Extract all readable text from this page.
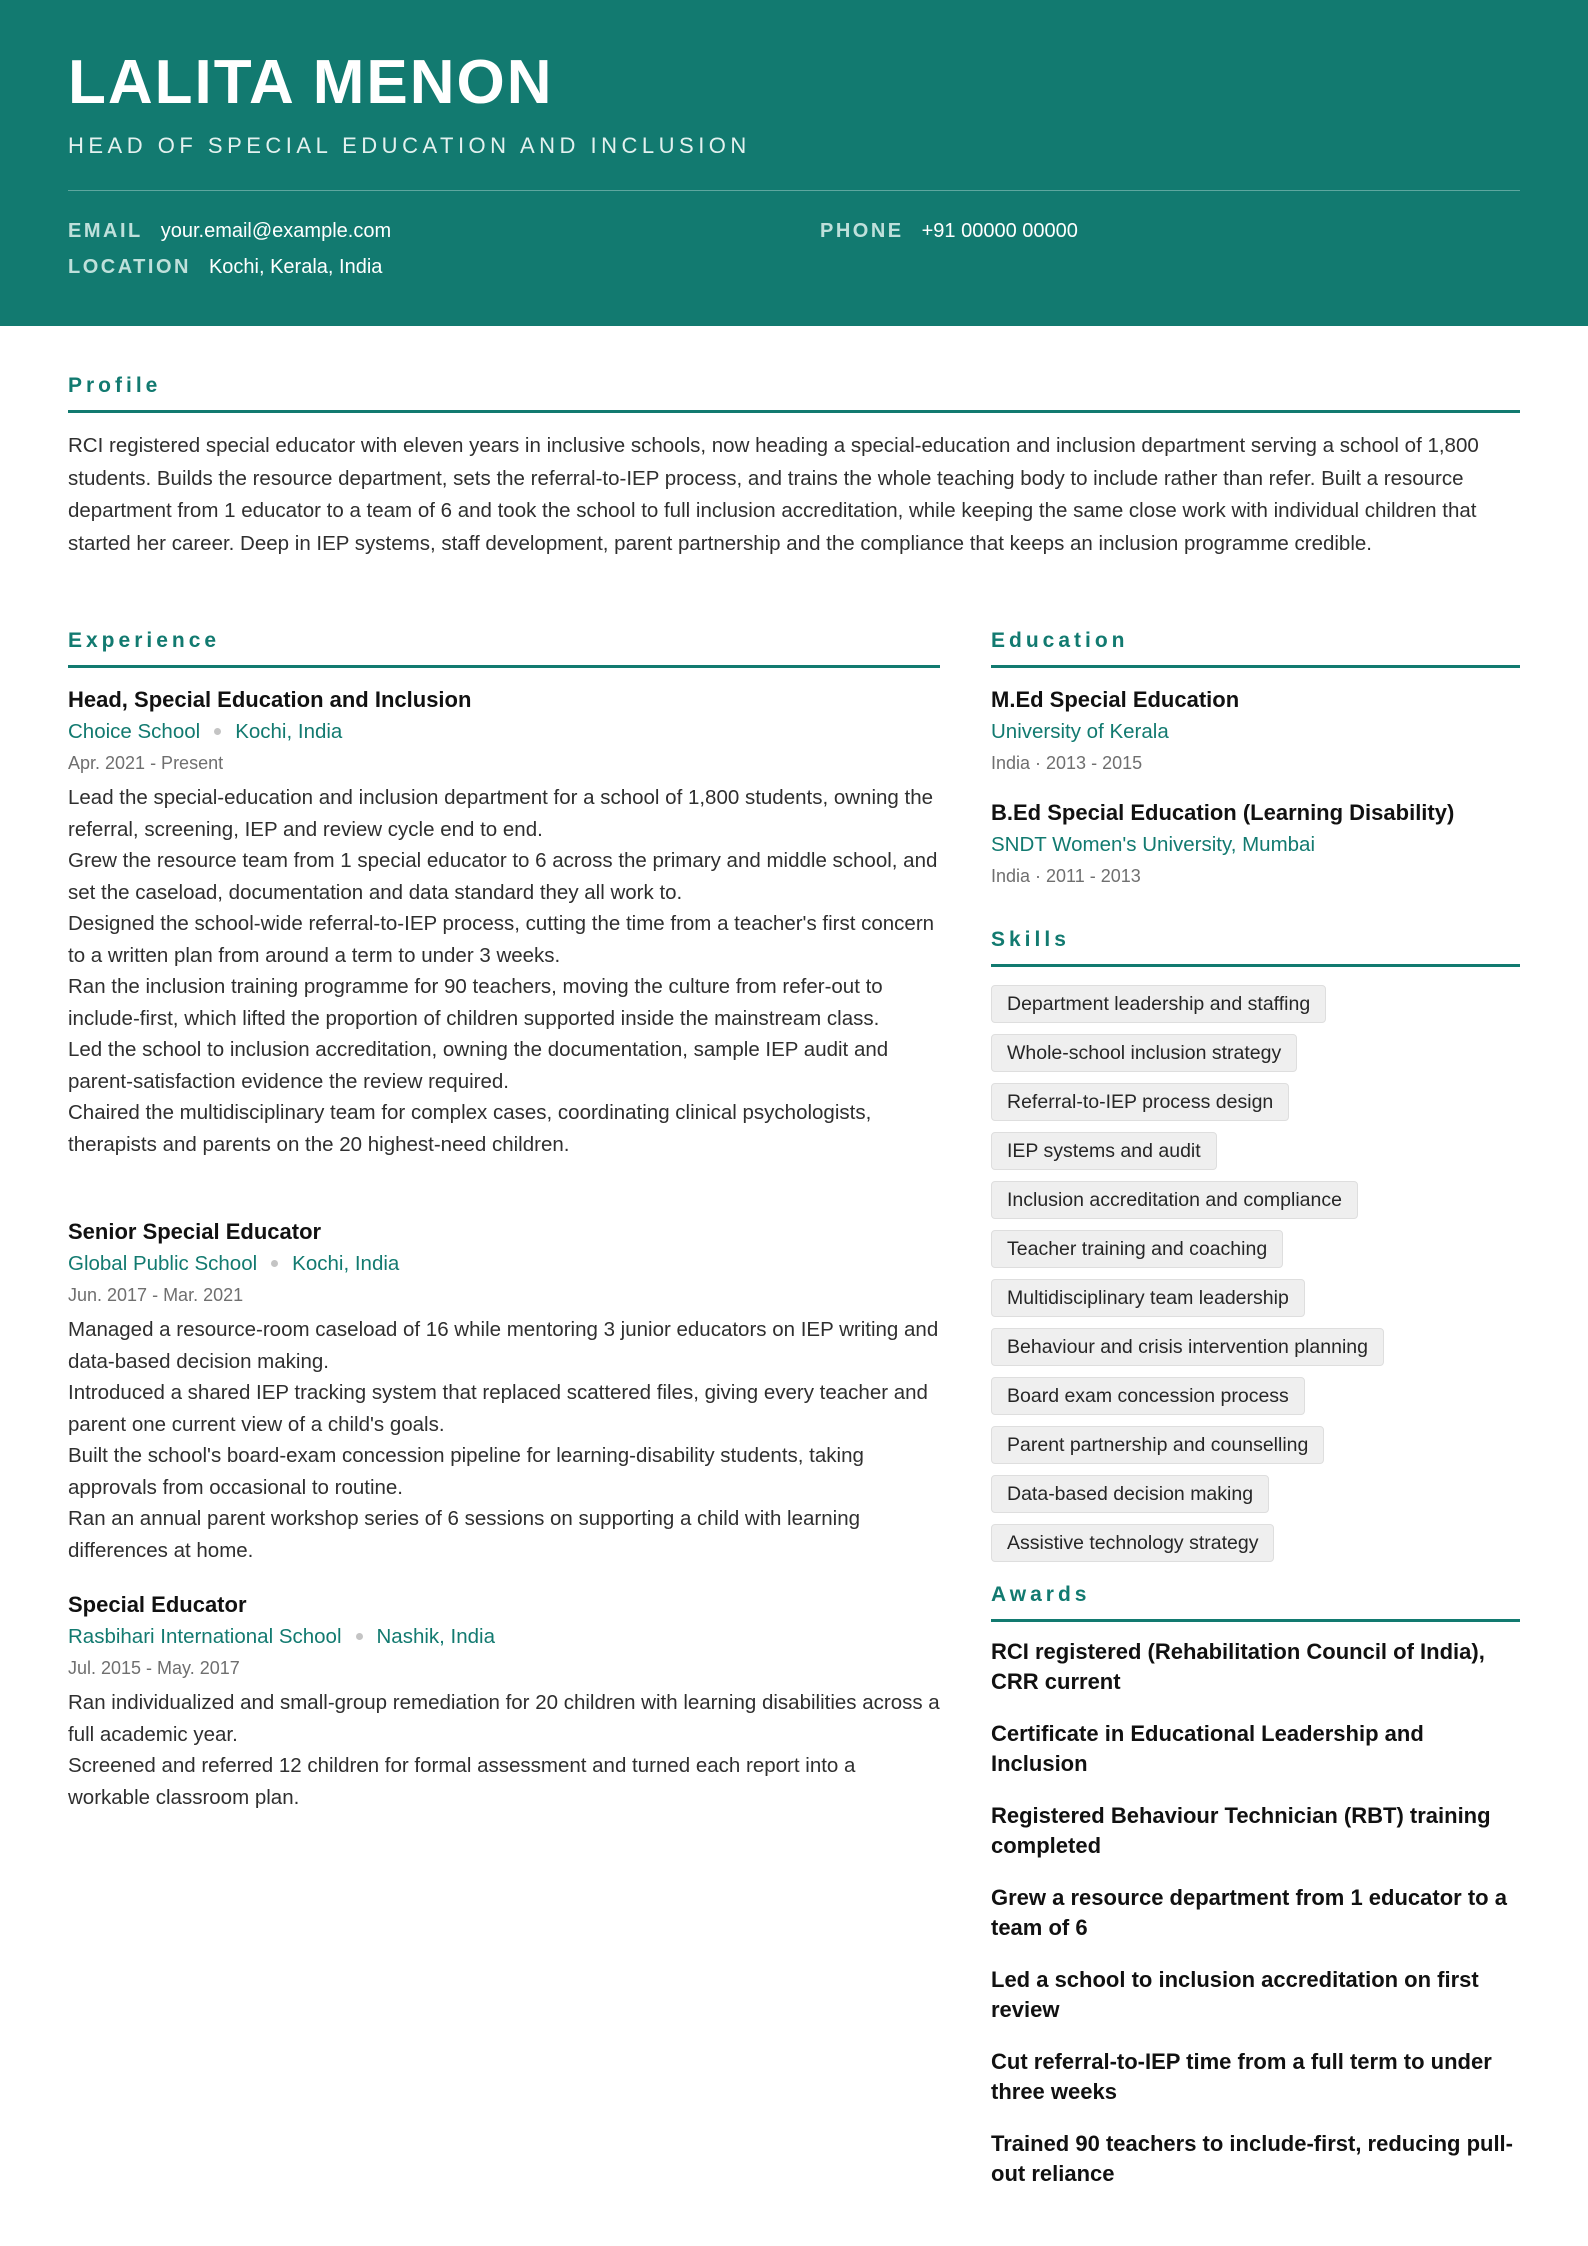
LALITA MENON
HEAD OF SPECIAL EDUCATION AND INCLUSION
EMAIL your.email@example.com	PHONE +91 00000 00000
LOCATION Kochi, Kerala, India
Profile
RCI registered special educator with eleven years in inclusive schools, now heading a special-education and inclusion department serving a school of 1,800 students. Builds the resource department, sets the referral-to-IEP process, and trains the whole teaching body to include rather than refer. Built a resource department from 1 educator to a team of 6 and took the school to full inclusion accreditation, while keeping the same close work with individual children that started her career. Deep in IEP systems, staff development, parent partnership and the compliance that keeps an inclusion programme credible.
Experience
Head, Special Education and Inclusion
Choice School Kochi, India
Apr. 2021 - Present
Lead the special-education and inclusion department for a school of 1,800 students, owning the referral, screening, IEP and review cycle end to end.
Grew the resource team from 1 special educator to 6 across the primary and middle school, and set the caseload, documentation and data standard they all work to.
Designed the school-wide referral-to-IEP process, cutting the time from a teacher's first concern to a written plan from around a term to under 3 weeks.
Ran the inclusion training programme for 90 teachers, moving the culture from refer-out to include-first, which lifted the proportion of children supported inside the mainstream class.
Led the school to inclusion accreditation, owning the documentation, sample IEP audit and parent-satisfaction evidence the review required.
Chaired the multidisciplinary team for complex cases, coordinating clinical psychologists, therapists and parents on the 20 highest-need children.
Senior Special Educator
Global Public School Kochi, India
Jun. 2017 - Mar. 2021
Managed a resource-room caseload of 16 while mentoring 3 junior educators on IEP writing and data-based decision making.
Introduced a shared IEP tracking system that replaced scattered files, giving every teacher and parent one current view of a child's goals.
Built the school's board-exam concession pipeline for learning-disability students, taking approvals from occasional to routine.
Ran an annual parent workshop series of 6 sessions on supporting a child with learning differences at home.
Special Educator
Rasbihari International School Nashik, India
Jul. 2015 - May. 2017
Ran individualized and small-group remediation for 20 children with learning disabilities across a full academic year.
Screened and referred 12 children for formal assessment and turned each report into a workable classroom plan.
Education
M.Ed Special Education
University of Kerala
India · 2013 - 2015
B.Ed Special Education (Learning Disability)
SNDT Women's University, Mumbai
India · 2011 - 2013
Skills
Department leadership and staffing
Whole-school inclusion strategy
Referral-to-IEP process design
IEP systems and audit
Inclusion accreditation and compliance
Teacher training and coaching
Multidisciplinary team leadership
Behaviour and crisis intervention planning
Board exam concession process
Parent partnership and counselling
Data-based decision making
Assistive technology strategy
Awards
RCI registered (Rehabilitation Council of India), CRR current
Certificate in Educational Leadership and Inclusion
Registered Behaviour Technician (RBT) training completed
Grew a resource department from 1 educator to a team of 6
Led a school to inclusion accreditation on first review
Cut referral-to-IEP time from a full term to under three weeks
Trained 90 teachers to include-first, reducing pull-out reliance
